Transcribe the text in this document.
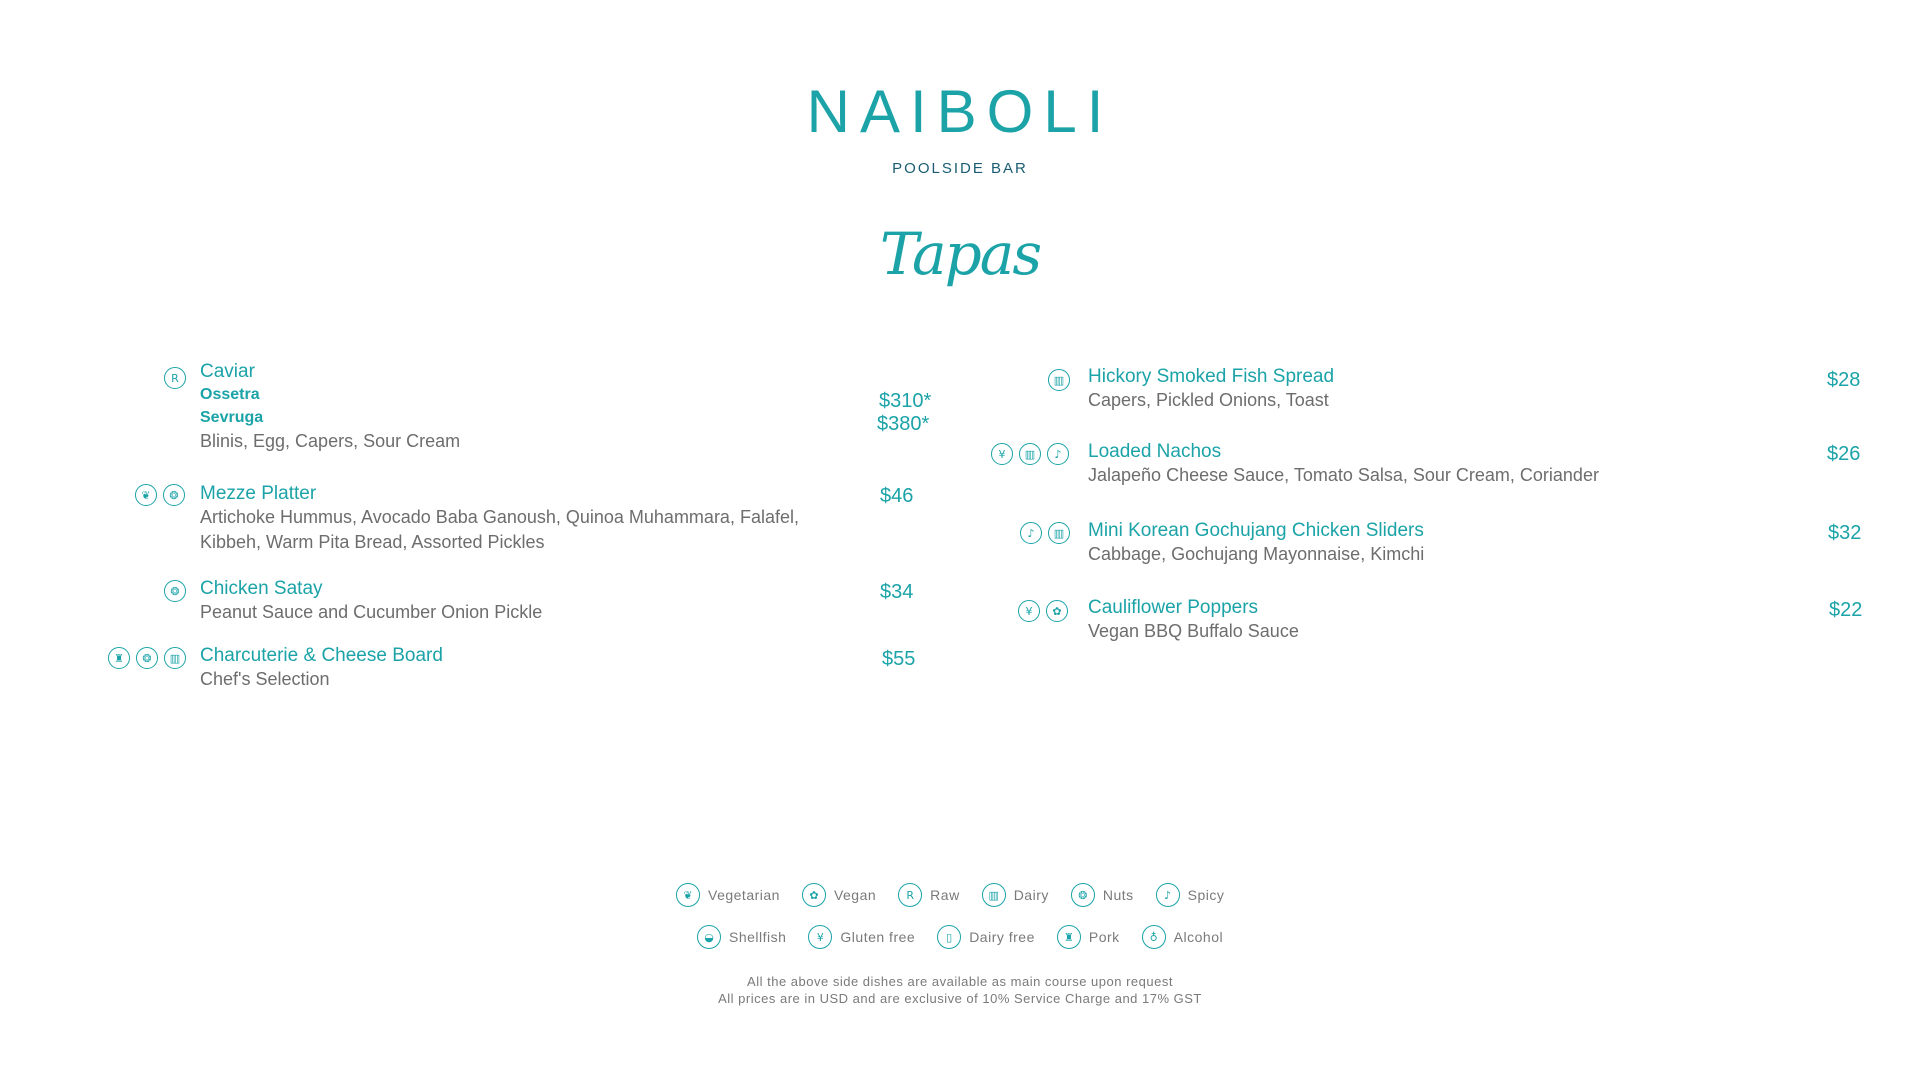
NAIBOLI
POOLSIDE BAR
Tapas
R	Caviar
Ossetra
Sevruga
Blinis, Egg, Capers, Sour Cream
$310*
$380*
❦	❂	Mezze Platter
Artichoke Hummus, Avocado Baba Ganoush, Quinoa Muhammara, Falafel,
Kibbeh, Warm Pita Bread, Assorted Pickles
$46
❂	Chicken Satay
Peanut Sauce and Cucumber Onion Pickle
$34
♜	❂	▥	Charcuterie & Cheese Board
Chef's Selection
$55
▥	Hickory Smoked Fish Spread
Capers, Pickled Onions, Toast
$28
¥	▥	♪	Loaded Nachos
Jalapeño Cheese Sauce, Tomato Salsa, Sour Cream, Coriander
$26
♪	▥	Mini Korean Gochujang Chicken Sliders
Cabbage, Gochujang Mayonnaise, Kimchi
$32
¥	✿	Cauliflower Poppers
Vegan BBQ Buffalo Sauce
$22
❦	Vegetarian	✿	Vegan	R	Raw	▥	Dairy	❂	Nuts	♪	Spicy
◒	Shellfish	¥	Gluten free	▯	Dairy free	♜	Pork	♁	Alcohol
All the above side dishes are available as main course upon request
All prices are in USD and are exclusive of 10% Service Charge and 17% GST
